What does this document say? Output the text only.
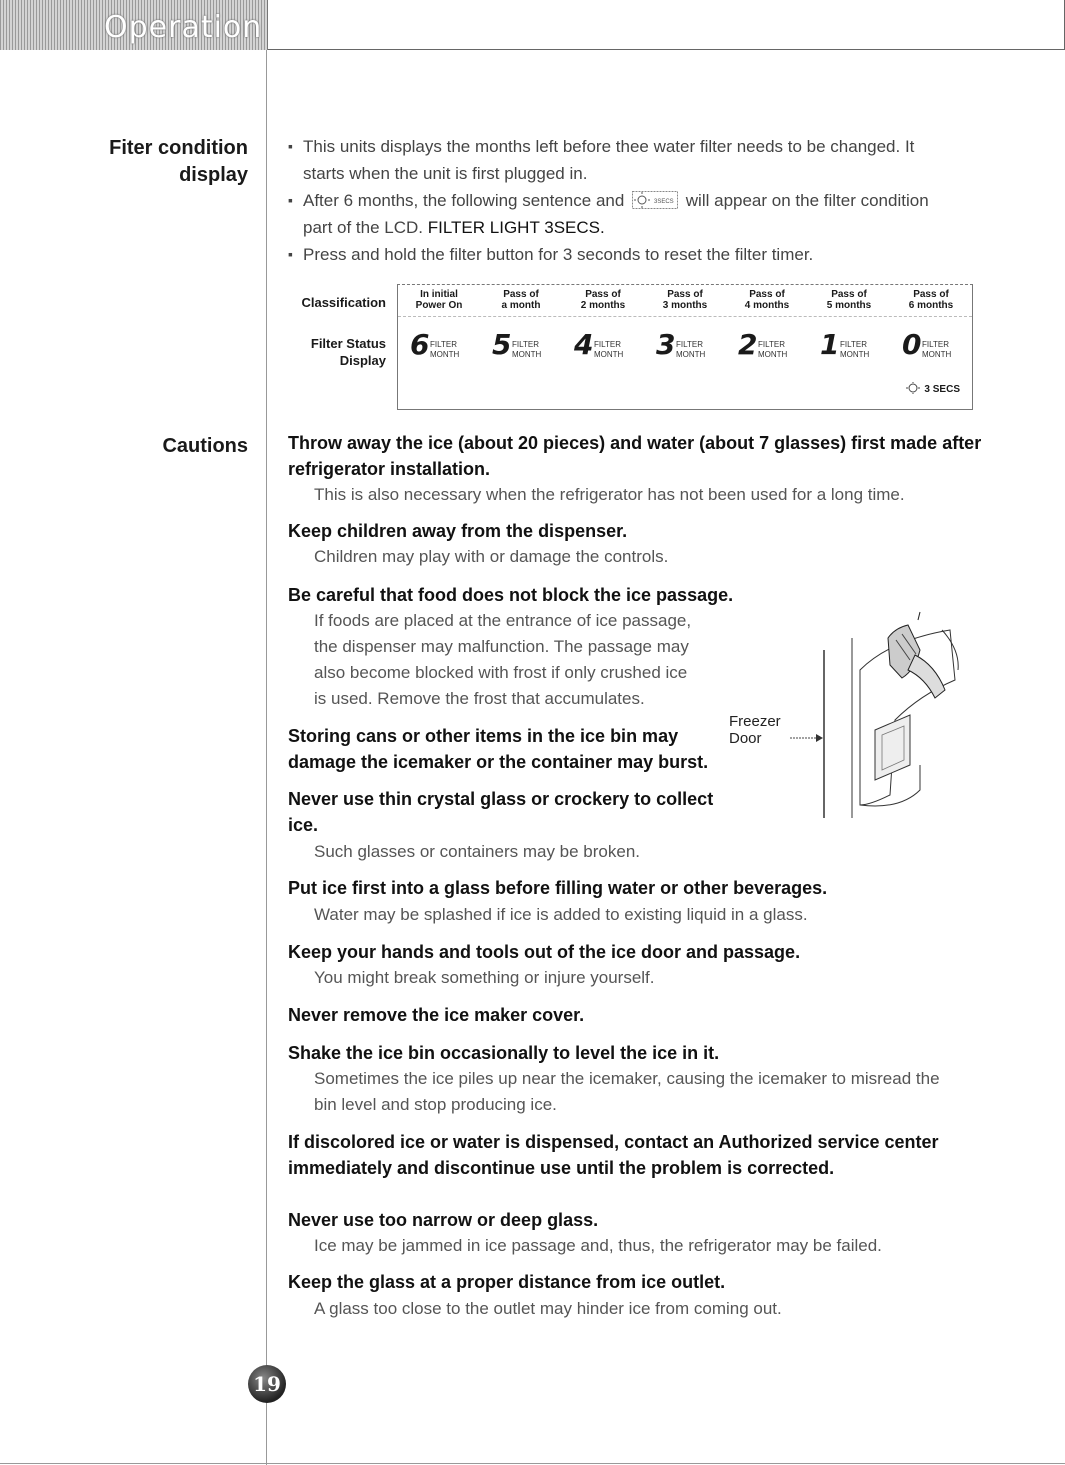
Operation
Fiter condition
display
Cautions
▪ This units displays the months left before thee water filter needs to be changed. It
starts when the unit is first plugged in.
▪ After 6 months, the following sentence and	3SECS will appear on the filter condition
part of the LCD. FILTER LIGHT 3SECS.
▪ Press and hold the filter button for 3 seconds to reset the filter timer.
Classification
Filter Status
Display
In initial
Power On
6 FILTER
MONTH
Pass of
a month
5 FILTER
MONTH
Pass of
2 months
4 FILTER
MONTH
Pass of
3 months
3 FILTER
MONTH
Pass of
4 months
2 FILTER
MONTH
Pass of
5 months
1 FILTER
MONTH
Pass of
6 months
0 FILTER
MONTH
3 SECS
Throw away the ice (about 20 pieces) and water (about 7 glasses) first made after
refrigerator installation.
This is also necessary when the refrigerator has not been used for a long time.
Keep children away from the dispenser.
Children may play with or damage the controls.
Be careful that food does not block the ice passage.
If foods are placed at the entrance of ice passage,
the dispenser may malfunction. The passage may
also become blocked with frost if only crushed ice
is used. Remove the frost that accumulates.
Storing cans or other items in the ice bin may
damage the icemaker or the container may burst.
Never use thin crystal glass or crockery to collect
ice.
Such glasses or containers may be broken.
Put ice first into a glass before filling water or other beverages.
Water may be splashed if ice is added to existing liquid in a glass.
Keep your hands and tools out of the ice door and passage.
You might break something or injure yourself.
Never remove the ice maker cover.
Shake the ice bin occasionally to level the ice in it.
Sometimes the ice piles up near the icemaker, causing the icemaker to misread the
bin level and stop producing ice.
If discolored ice or water is dispensed, contact an Authorized service center
immediately and discontinue use until the problem is corrected.
Never use too narrow or deep glass.
Ice may be jammed in ice passage and, thus, the refrigerator may be failed.
Keep the glass at a proper distance from ice outlet.
A glass too close to the outlet may hinder ice from coming out.
Freezer
Door
19
